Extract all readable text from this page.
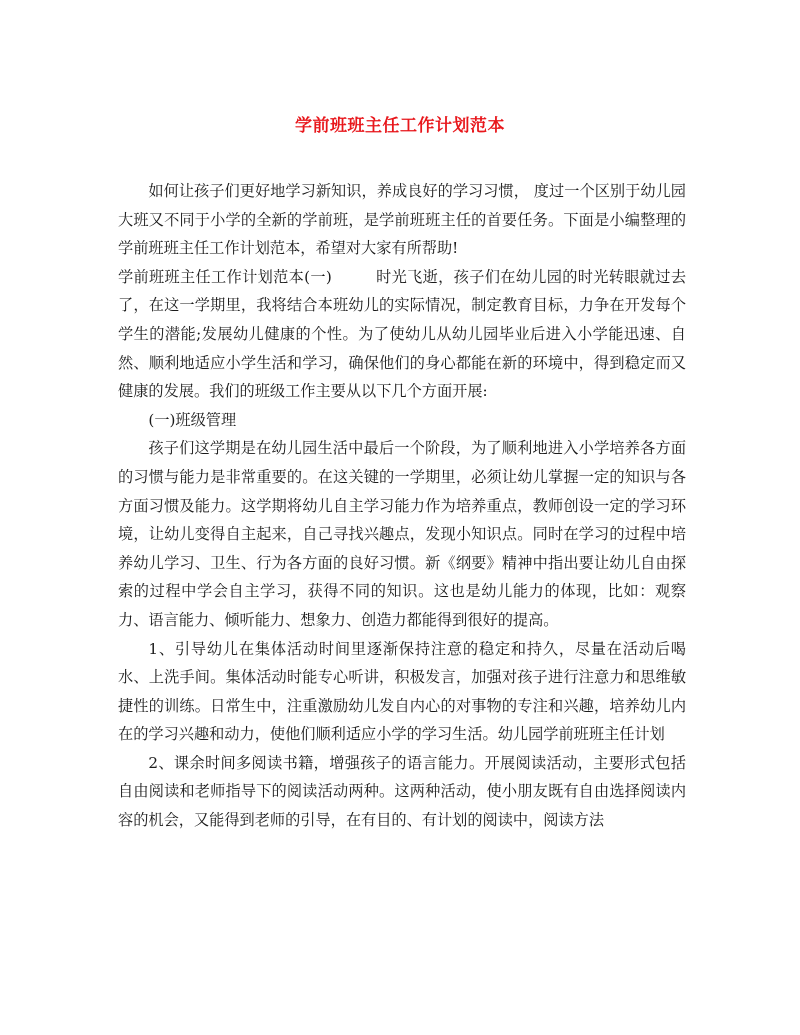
学前班班主任工作计划范本

如何让孩子们更好地学习新知识，养成良好的学习习惯， 度过一个区别于幼儿园大班又不同于小学的全新的学前班，是学前班班主任的首要任务。下面是小编整理的学前班班主任工作计划范本，希望对大家有所帮助!

学前班班主任工作计划范本(一)	时光飞逝，孩子们在幼儿园的时光转眼就过去了，在这一学期里，我将结合本班幼儿的实际情况，制定教育目标，力争在开发每个学生的潜能;发展幼儿健康的个性。为了使幼儿从幼儿园毕业后进入小学能迅速、自然、顺利地适应小学生活和学习，确保他们的身心都能在新的环境中，得到稳定而又健康的发展。我们的班级工作主要从以下几个方面开展:

(一)班级管理

孩子们这学期是在幼儿园生活中最后一个阶段，为了顺利地进入小学培养各方面的习惯与能力是非常重要的。在这关键的一学期里，必须让幼儿掌握一定的知识与各方面习惯及能力。这学期将幼儿自主学习能力作为培养重点，教师创设一定的学习环境，让幼儿变得自主起来，自己寻找兴趣点，发现小知识点。同时在学习的过程中培养幼儿学习、卫生、行为各方面的良好习惯。新《纲要》精神中指出要让幼儿自由探索的过程中学会自主学习，获得不同的知识。这也是幼儿能力的体现，比如：观察力、语言能力、倾听能力、想象力、创造力都能得到很好的提高。

1、引导幼儿在集体活动时间里逐渐保持注意的稳定和持久，尽量在活动后喝水、上洗手间。集体活动时能专心听讲，积极发言，加强对孩子进行注意力和思维敏捷性的训练。日常生中，注重激励幼儿发自内心的对事物的专注和兴趣，培养幼儿内在的学习兴趣和动力，使他们顺利适应小学的学习生活。幼儿园学前班班主任计划

2、课余时间多阅读书籍，增强孩子的语言能力。开展阅读活动，主要形式包括自由阅读和老师指导下的阅读活动两种。这两种活动，使小朋友既有自由选择阅读内容的机会，又能得到老师的引导，在有目的、有计划的阅读中，阅读方法
